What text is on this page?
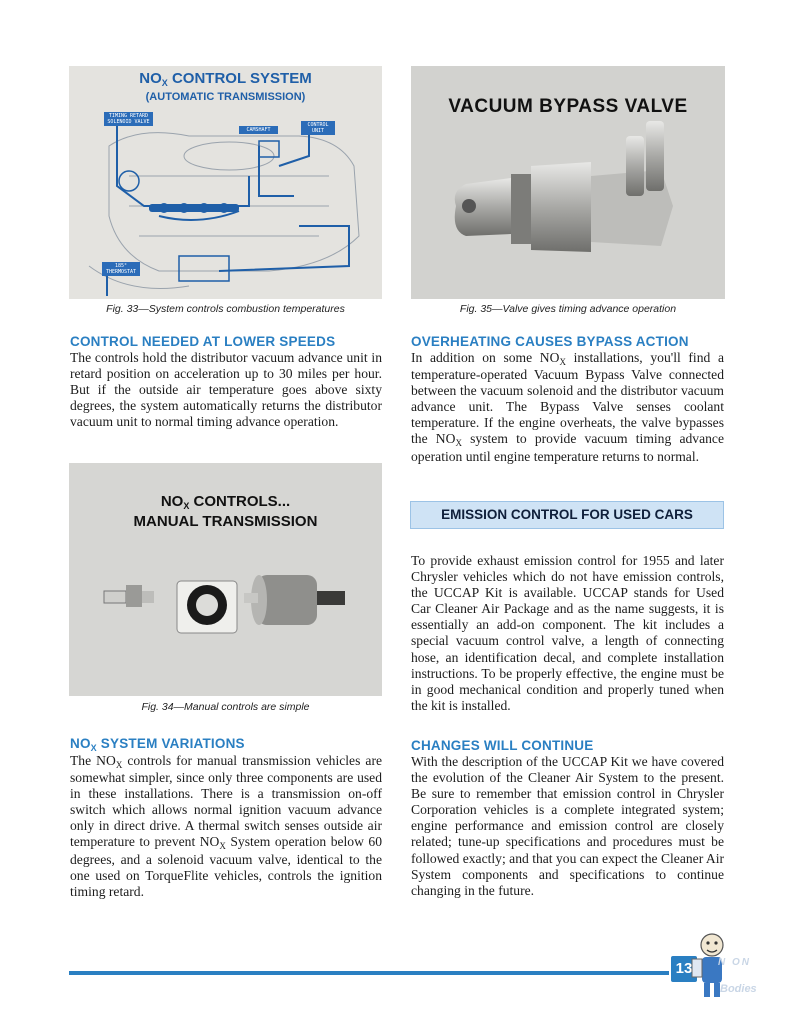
$NO_X$ CONTROL SYSTEM
(AUTOMATIC TRANSMISSION)
TIMING RETARD SOLENOID VALVE
CAMSHAFT
CONTROL UNIT
185° THERMOSTAT
Fig. 33—System controls combustion temperatures
VACUUM BYPASS VALVE
Fig. 35—Valve gives timing advance operation
CONTROL NEEDED AT LOWER SPEEDS
The controls hold the distributor vacuum advance unit in retard position on acceleration up to 30 miles per hour. But if the outside air temperature goes above sixty degrees, the system automatically returns the distributor vacuum unit to normal timing advance operation.
$NO_X$ CONTROLS...
MANUAL TRANSMISSION
Fig. 34—Manual controls are simple
$NO_X$ SYSTEM VARIATIONS
The $NO_X$ controls for manual transmission vehicles are somewhat simpler, since only three components are used in these installations. There is a transmission on-off switch which allows normal ignition vacuum advance only in direct drive. A thermal switch senses outside air temperature to prevent $NO_X$ System operation below 60 degrees, and a solenoid vacuum valve, identical to the one used on TorqueFlite vehicles, controls the ignition timing retard.
OVERHEATING CAUSES BYPASS ACTION
In addition on some $NO_X$ installations, you'll find a temperature-operated Vacuum Bypass Valve connected between the vacuum solenoid and the distributor vacuum advance unit. The Bypass Valve senses coolant temperature. If the engine overheats, the valve bypasses the $NO_X$ system to provide vacuum timing advance operation until engine temperature returns to normal.
EMISSION CONTROL FOR USED CARS
To provide exhaust emission control for 1955 and later Chrysler vehicles which do not have emission controls, the UCCAP Kit is available. UCCAP stands for Used Car Cleaner Air Package and as the name suggests, it is essentially an add-on component. The kit includes a special vacuum control valve, a length of connecting hose, an identification decal, and complete installation instructions. To be properly effective, the engine must be in good mechanical condition and properly tuned when the kit is installed.
CHANGES WILL CONTINUE
With the description of the UCCAP Kit we have covered the evolution of the Cleaner Air System to the present. Be sure to remember that emission control in Chrysler Corporation vehicles is a complete integrated system; engine performance and emission control are closely related; tune-up specifications and procedures must be followed exactly; and that you can expect the Cleaner Air System components and specifications to continue changing in the future.
13	N ON
Bodies
